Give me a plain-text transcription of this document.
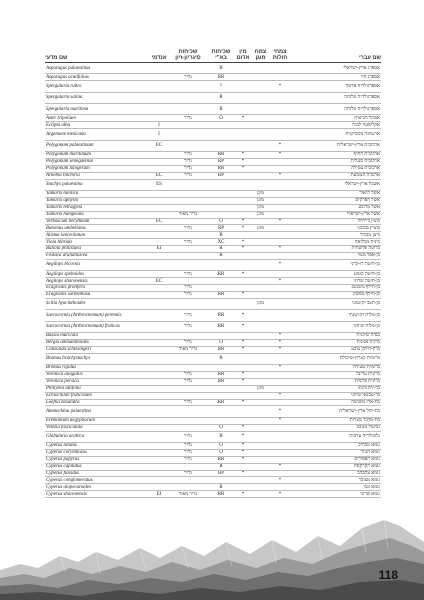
שם מדעי	אנדמי	שכיחות סיגריון-זיון	שכיחות בא"י	מין אדום	צמח מוגן	צמחי חולות	שם עברי
Asparagus palaestinus			R				אספרג ארץ-ישראלי
Asparagus acutifolius		נדיר	RR				אספרג חד
Spergularia rubra			?			*	אספרגולריה אדמה
Spergularia salina			R				אספרגולריה מלוחה
Spergularia maritima			R				אספרגולריה מלוחה
Aster tripolium		נדיר	O	*			אסתר הביצות
Eclipta alba	I						אקליפטה לבנה
Argemone mexicana	I						ארגמונה מכסיקנית
Polygonum palaestinum	EC					*	ארכובית ארץ-ישראלית
Polygonum maritimum		נדיר	RR	*		*	ארכובית החוף
Polygonum senegalense		נדיר	RP	*			ארכובית סנגלית
Polygonum lanigerum		נדיר	RR	*			ארכובית צמירה
Arnebia tinctoria	EC	נדיר	RP			*	ארנביה הצובעת
Stachys palaestina	ES						אשבל ארץ-ישראלי
Tamarix nilotica					מוגן		אשל היאור
Tamarix aphylla					מוגן		אשל הפרקים
Tamarix tetragyna					מוגן		אשל מרובע
Tamarix hampeana		נדיר מאוד			מוגן		אשל ארץ-ישראלי
Verbascum berytheum	EC		O	*		*	בוצין ביירותי
Butomus umbellatus		נדיר	RP	*	מוגן		בוציץ סוככני
Alisma lanceolatum			R				ביצן מבכיר
Viola hibrida		נדיר	XC	*			בינית מכלואה
Ballota philistaea	EI		R	*		*	בלוטה פלשתית
Festuca arundinacea			R				בן-אפר מצוי
Aegilops bicornis						*	בן-חיטה דו-קרני
Aegilops speltoides		נדיר	RR	*			בן-חיטה קטוע
Aegilops sharonensis	EC					*	בן-חיטה שרוני
Eragrostis prolifera		נדיר					בן-חילף משגשג
Eragrostis sarmentosa		נדיר	RR	*			בן-חילף מפשק
Scilla hyacinthoides					מוגן		בן-חצב יקינטוני
Sarcocornia (Arthrocnemum) perennis		נדיר	RR	*			בן-מלוח רב-שנתי
Sarcocornia (Arthrocnemum) fruticos		נדיר	RR	*			בן-מלוח שיחני
Bassia muricata						*	בסיה שיכנית
Bergia ammannioides		נדיר	O	*		*	ברגיה אמנית
Consolida schlesingeri		נדיר מאוד	RR	*		*	ברק-דורבן צובע
Bromus brachystachys			R				ברומית קצרת-שיבולת
Bromus rigidus						*	ברומית שעירה
Veronica anagallis		נדיר	RR	*			ברונית עדינה
Veronica persica		נדיר	RR	*			ברונית פרסית
Phillyrea latifolia					מוגן		בר-זית בינוני
Echiochilon fruticosum						*	בר-עכנאי שיחני
Loeflia hexandra		נדיר	RR	*			בת-ארז משושה
Ammochloa palaestina						*	בת-חול ארץ-ישראלית
Eremobium aegyptiacum						*	בת-מדבר מצרית
Velezia fasciculata			O	*			גביעול מגובב
Globularia arabica		נדיר	R	*			גלובולריה ערבית
Cyperus nitidus		נדיר	O	*			גומא מבהיק
Cyperus corymbosus		נדיר	O	*			גומא הגוזר
Cyperus papyrus		נדיר	RR	*			גומא הפפירוס
Cyperus capitatus			R			*	גומא הקרקפת
Cyperus flavidus		נדיר	RP	*			גומא צהבהב
Cyperus conglomeratus						*	גומא מצובר
Cyperus alopecuroides			R				גומא זנבי
Cyperus sharonensis	EI	נדיר מאוד	RR	*		*	גומא שרוני
118
